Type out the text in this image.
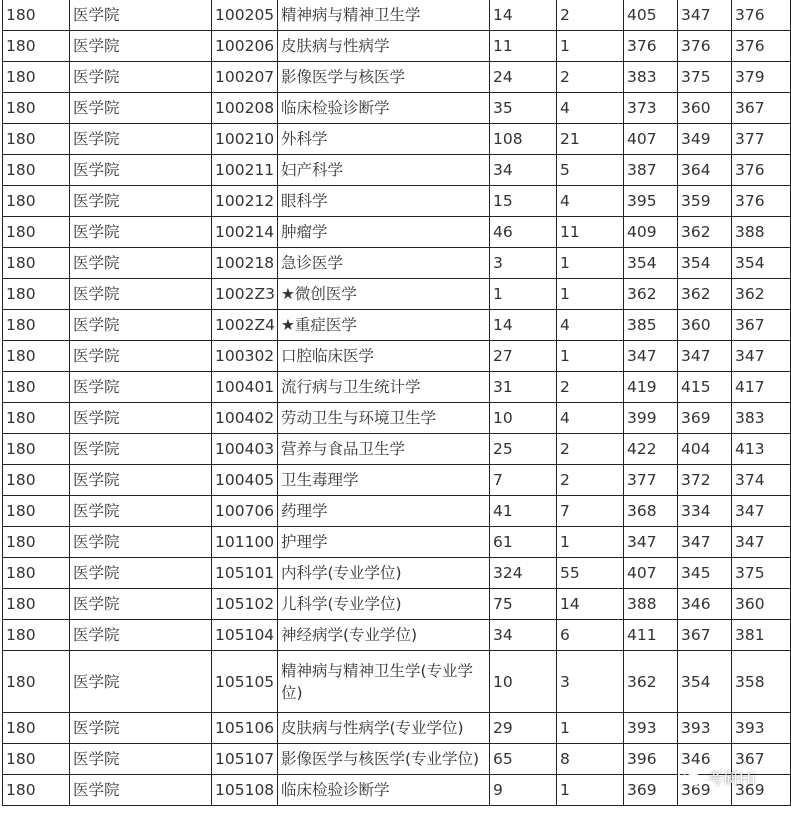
180	医学院	100205	精神病与精神卫生学	14	2	405	347	376
180	医学院	100206	皮肤病与性病学	11	1	376	376	376
180	医学院	100207	影像医学与核医学	24	2	383	375	379
180	医学院	100208	临床检验诊断学	35	4	373	360	367
180	医学院	100210	外科学	108	21	407	349	377
180	医学院	100211	妇产科学	34	5	387	364	376
180	医学院	100212	眼科学	15	4	395	359	376
180	医学院	100214	肿瘤学	46	11	409	362	388
180	医学院	100218	急诊医学	3	1	354	354	354
180	医学院	1002Z3	★微创医学	1	1	362	362	362
180	医学院	1002Z4	★重症医学	14	4	385	360	367
180	医学院	100302	口腔临床医学	27	1	347	347	347
180	医学院	100401	流行病与卫生统计学	31	2	419	415	417
180	医学院	100402	劳动卫生与环境卫生学	10	4	399	369	383
180	医学院	100403	营养与食品卫生学	25	2	422	404	413
180	医学院	100405	卫生毒理学	7	2	377	372	374
180	医学院	100706	药理学	41	7	368	334	347
180	医学院	101100	护理学	61	1	347	347	347
180	医学院	105101	内科学(专业学位)	324	55	407	345	375
180	医学院	105102	儿科学(专业学位)	75	14	388	346	360
180	医学院	105104	神经病学(专业学位)	34	6	411	367	381
180	医学院	105105	精神病与精神卫生学(专业学位)	10	3	362	354	358
180	医学院	105106	皮肤病与性病学(专业学位)	29	1	393	393	393
180	医学院	105107	影像医学与核医学(专业学位)	65	8	396	346	367
180	医学院	105108	临床检验诊断学	9	1	369	369	369
考研Hi
